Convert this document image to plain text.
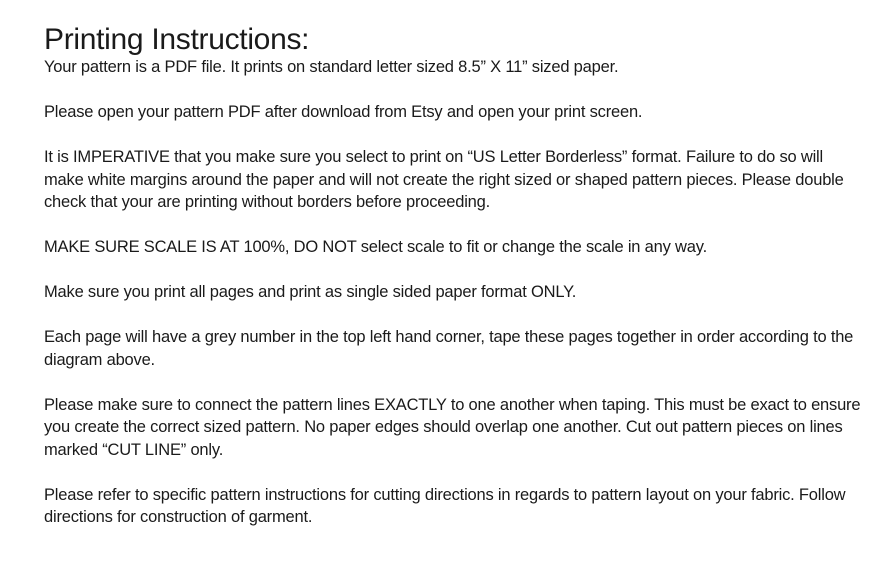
Printing Instructions:

Your pattern is a PDF file. It prints on standard letter sized 8.5” X 11” sized paper.

Please open your pattern PDF after download from Etsy and open your print screen.

It is IMPERATIVE that you make sure you select to print on “US Letter Borderless” format. Failure to do so will make white margins around the paper and will not create the right sized or shaped pattern pieces. Please double check that your are printing without borders before proceeding.

MAKE SURE SCALE IS AT 100%, DO NOT select scale to fit or change the scale in any way.

Make sure you print all pages and print as single sided paper format ONLY.

Each page will have a grey number in the top left hand corner, tape these pages together in order according to the diagram above.

Please make sure to connect the pattern lines EXACTLY to one another when taping. This must be exact to ensure you create the correct sized pattern. No paper edges should overlap one another. Cut out pattern pieces on lines marked “CUT LINE” only.

Please refer to specific pattern instructions for cutting directions in regards to pattern layout on your fabric. Follow directions for construction of garment.
